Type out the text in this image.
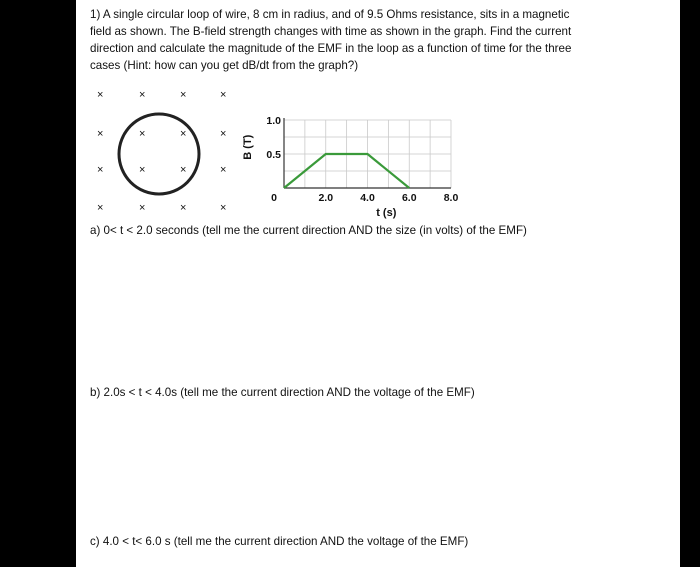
1) A single circular loop of wire, 8 cm in radius, and of 9.5 Ohms resistance, sits in a magnetic
field as shown. The B-field strength changes with time as shown in the graph. Find the current
direction and calculate the magnitude of the EMF in the loop as a function of time for the three
cases (Hint: how can you get dB/dt from the graph?)
×	×	×	×
×	×	×	×
×	×	×	×
×	×	×	×
0	2.0	4.0	6.0	8.0
1.0
0.5
B (T)
t (s)
a) 0< t < 2.0 seconds (tell me the current direction AND the size (in volts) of the EMF)
b) 2.0s < t < 4.0s (tell me the current direction AND the voltage of the EMF)
c) 4.0 < t< 6.0 s (tell me the current direction AND the voltage of the EMF)
